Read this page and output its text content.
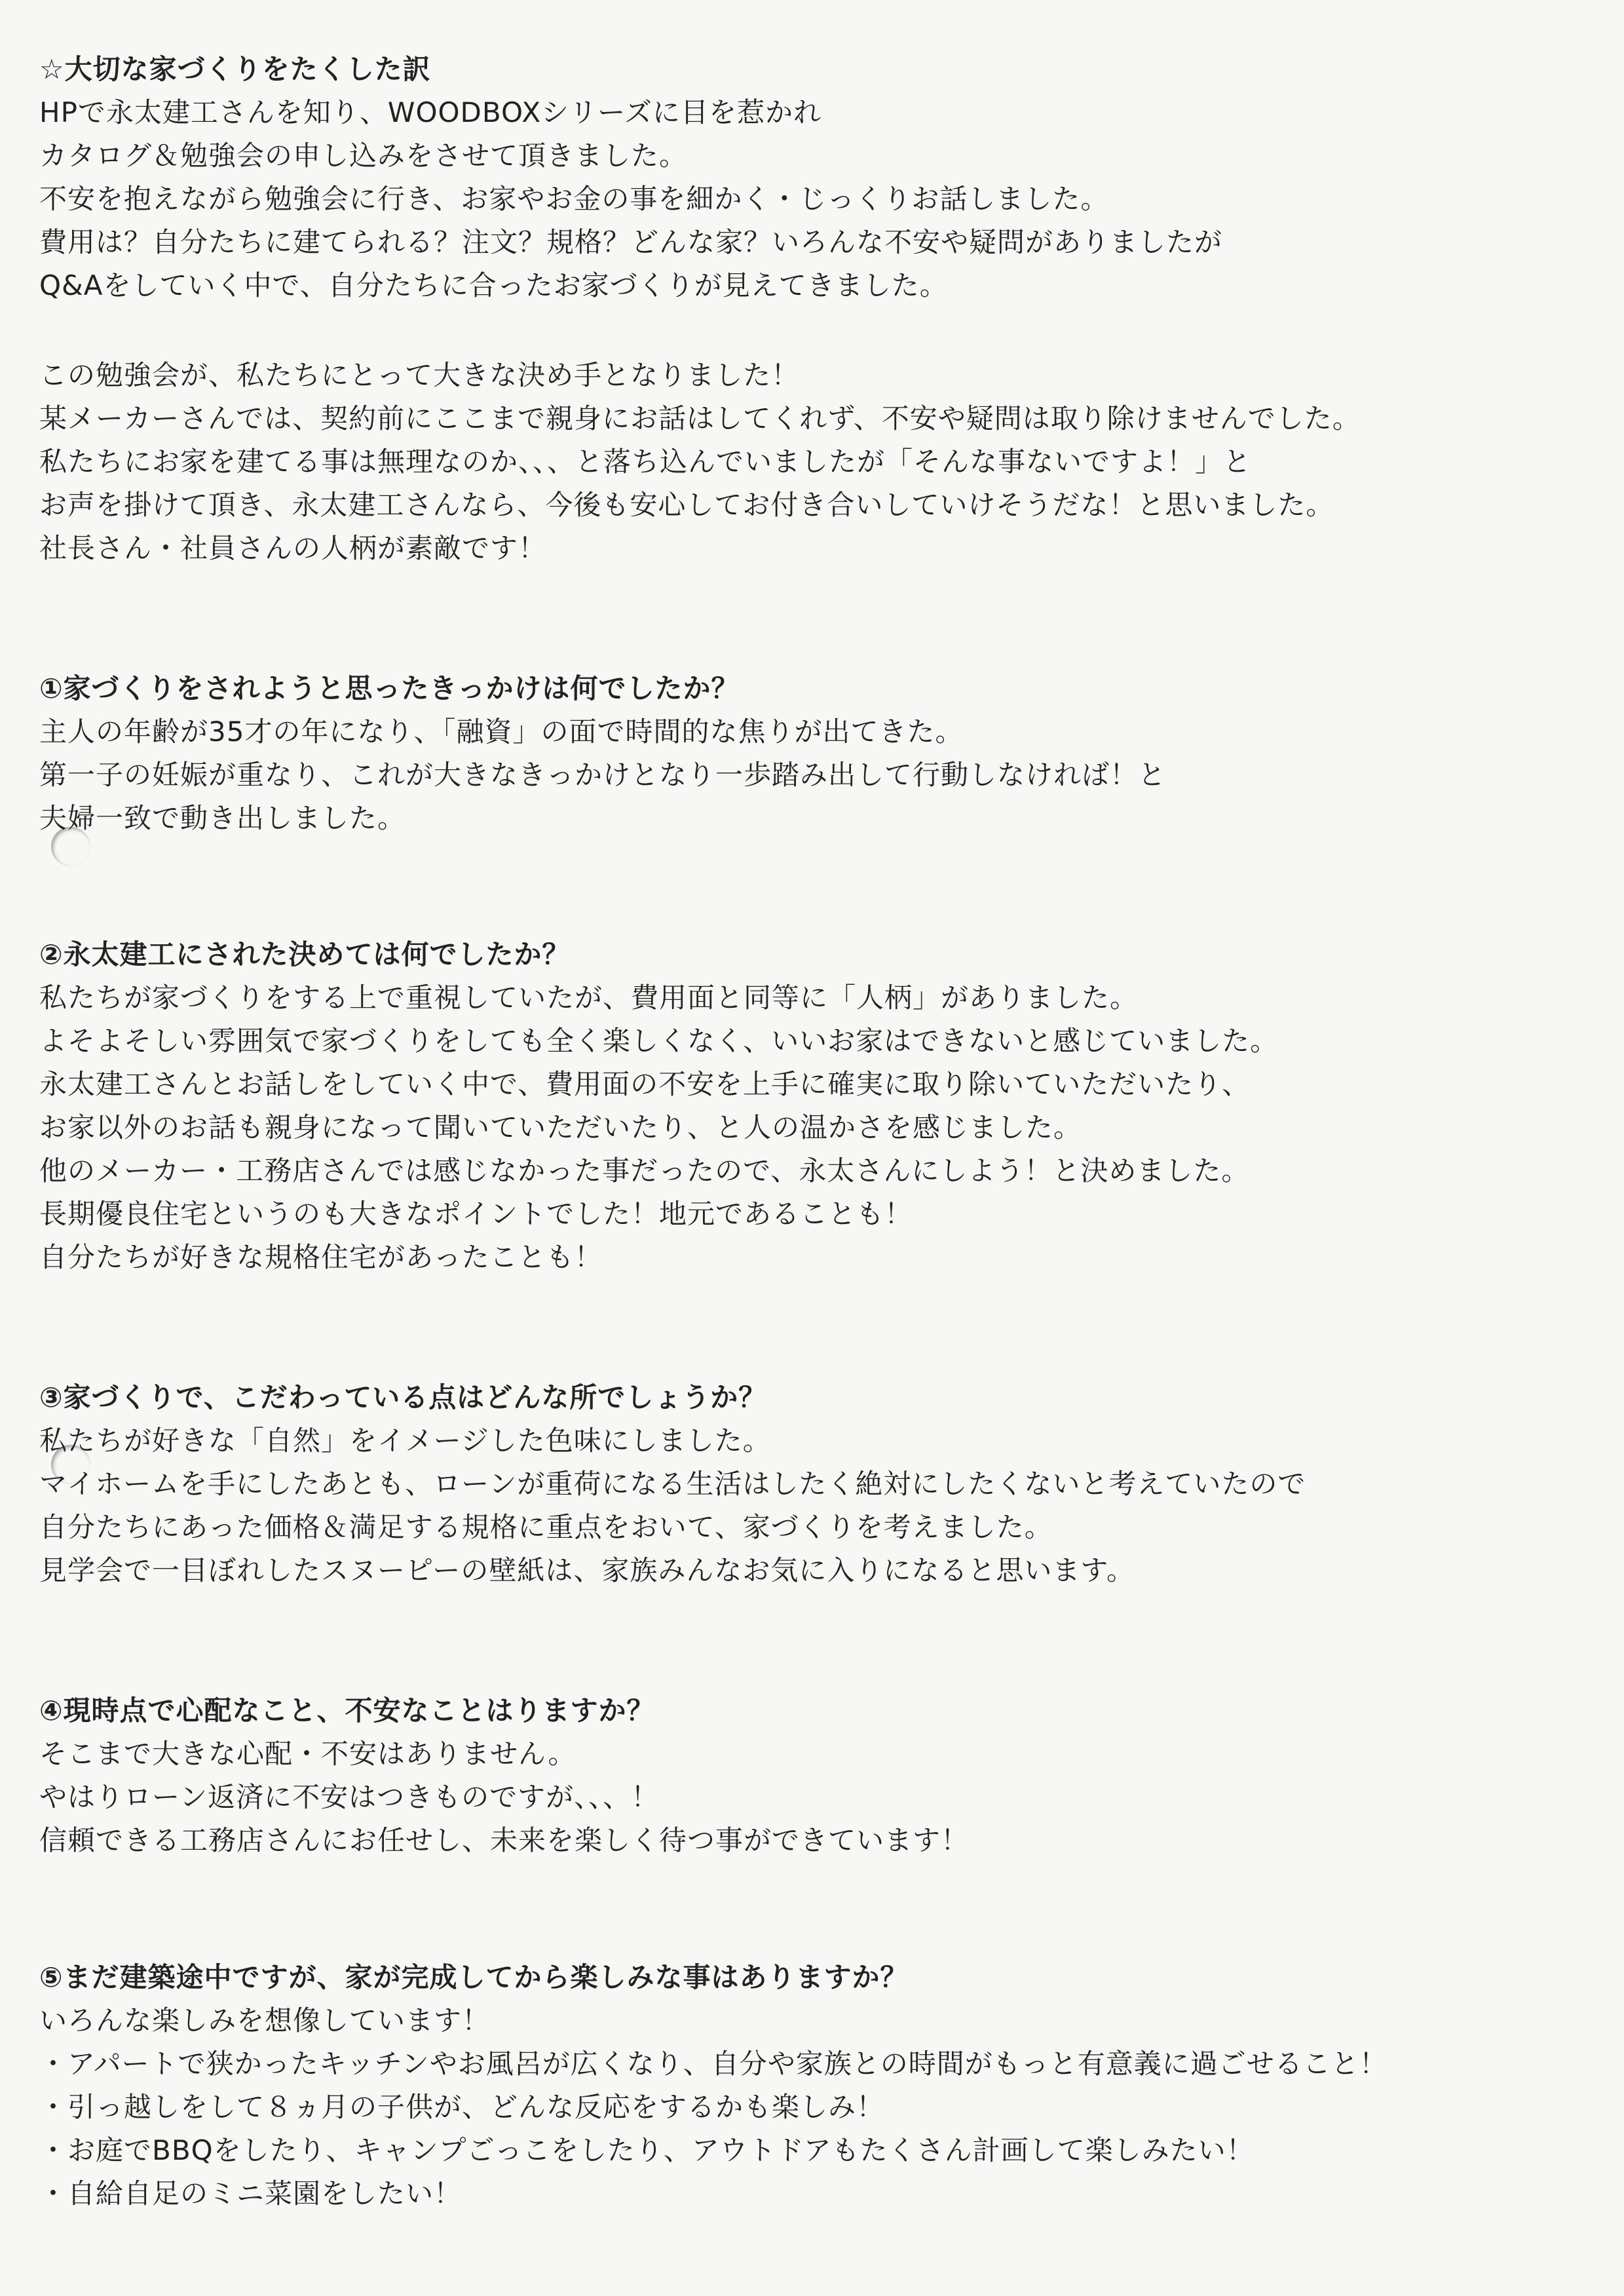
☆大切な家づくりをたくした訳
HPで永太建工さんを知り、WOODBOXシリーズに目を惹かれ
カタログ＆勉強会の申し込みをさせて頂きました。
不安を抱えながら勉強会に行き、お家やお金の事を細かく・じっくりお話しました。
費用は？自分たちに建てられる？注文？規格？どんな家？いろんな不安や疑問がありましたが
Q&Aをしていく中で、自分たちに合ったお家づくりが見えてきました。
この勉強会が、私たちにとって大きな決め手となりました！
某メーカーさんでは、契約前にここまで親身にお話はしてくれず、不安や疑問は取り除けませんでした。
私たちにお家を建てる事は無理なのか、、、と落ち込んでいましたが「そんな事ないですよ！」と
お声を掛けて頂き、永太建工さんなら、今後も安心してお付き合いしていけそうだな！と思いました。
社長さん・社員さんの人柄が素敵です！
①家づくりをされようと思ったきっかけは何でしたか？
主人の年齢が35才の年になり、「融資」の面で時間的な焦りが出てきた。
第一子の妊娠が重なり、これが大きなきっかけとなり一歩踏み出して行動しなければ！と
夫婦一致で動き出しました。
②永太建工にされた決めては何でしたか？
私たちが家づくりをする上で重視していたが、費用面と同等に「人柄」がありました。
よそよそしい雰囲気で家づくりをしても全く楽しくなく、いいお家はできないと感じていました。
永太建工さんとお話しをしていく中で、費用面の不安を上手に確実に取り除いていただいたり、
お家以外のお話も親身になって聞いていただいたり、と人の温かさを感じました。
他のメーカー・工務店さんでは感じなかった事だったので、永太さんにしよう！と決めました。
長期優良住宅というのも大きなポイントでした！地元であることも！
自分たちが好きな規格住宅があったことも！
③家づくりで、こだわっている点はどんな所でしょうか？
私たちが好きな「自然」をイメージした色味にしました。
マイホームを手にしたあとも、ローンが重荷になる生活はしたく絶対にしたくないと考えていたので
自分たちにあった価格＆満足する規格に重点をおいて、家づくりを考えました。
見学会で一目ぼれしたスヌーピーの壁紙は、家族みんなお気に入りになると思います。
④現時点で心配なこと、不安なことはりますか？
そこまで大きな心配・不安はありません。
やはりローン返済に不安はつきものですが、、、！
信頼できる工務店さんにお任せし、未来を楽しく待つ事ができています！
⑤まだ建築途中ですが、家が完成してから楽しみな事はありますか？
いろんな楽しみを想像しています！
・アパートで狭かったキッチンやお風呂が広くなり、自分や家族との時間がもっと有意義に過ごせること！
・引っ越しをして８ヵ月の子供が、どんな反応をするかも楽しみ！
・お庭でBBQをしたり、キャンプごっこをしたり、アウトドアもたくさん計画して楽しみたい！
・自給自足のミニ菜園をしたい！
